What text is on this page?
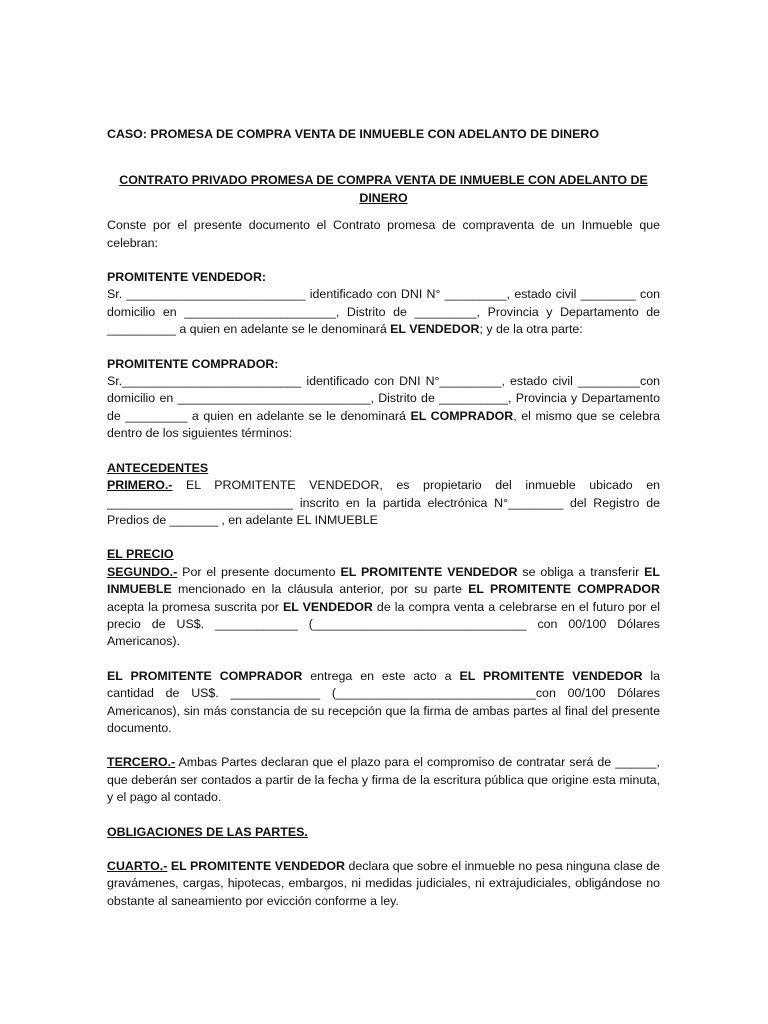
CASO: PROMESA DE COMPRA VENTA DE INMUEBLE CON ADELANTO DE DINERO

CONTRATO PRIVADO PROMESA DE COMPRA VENTA DE INMUEBLE CON ADELANTO DE DINERO

Conste por el presente documento el Contrato promesa de compraventa de un Inmueble que celebran:

PROMITENTE VENDEDOR:

Sr. __________________________ identificado con DNI N° _________, estado civil ________ con domicilio en ______________________, Distrito de _________, Provincia y Departamento de __________ a quien en adelante se le denominará EL VENDEDOR; y de la otra parte:

PROMITENTE COMPRADOR:

Sr.__________________________ identificado con DNI N°_________, estado civil _________con domicilio en ____________________________, Distrito de __________, Provincia y Departamento de _________ a quien en adelante se le denominará EL COMPRADOR, el mismo que se celebra dentro de los siguientes términos:

ANTECEDENTES

PRIMERO.- EL PROMITENTE VENDEDOR, es propietario del inmueble ubicado en ___________________________ inscrito en la partida electrónica N°________ del Registro de Predios de _______ , en adelante EL INMUEBLE

EL PRECIO

SEGUNDO.- Por el presente documento EL PROMITENTE VENDEDOR se obliga a transferir EL INMUEBLE mencionado en la cláusula anterior, por su parte EL PROMITENTE COMPRADOR acepta la promesa suscrita por EL VENDEDOR de la compra venta a celebrarse en el futuro por el precio de US$. ____________ (_______________________________ con 00/100 Dólares Americanos).

EL PROMITENTE COMPRADOR entrega en este acto a EL PROMITENTE VENDEDOR la cantidad de US$. _____________ (_____________________________con 00/100 Dólares Americanos), sin más constancia de su recepción que la firma de ambas partes al final del presente documento.

TERCERO.- Ambas Partes declaran que el plazo para el compromiso de contratar será de ______, que deberán ser contados a partir de la fecha y firma de la escritura pública que origine esta minuta, y el pago al contado.

OBLIGACIONES DE LAS PARTES.

CUARTO.- EL PROMITENTE VENDEDOR declara que sobre el inmueble no pesa ninguna clase de gravámenes, cargas, hipotecas, embargos, ni medidas judiciales, ni extrajudiciales, obligándose no obstante al saneamiento por evicción conforme a ley.
